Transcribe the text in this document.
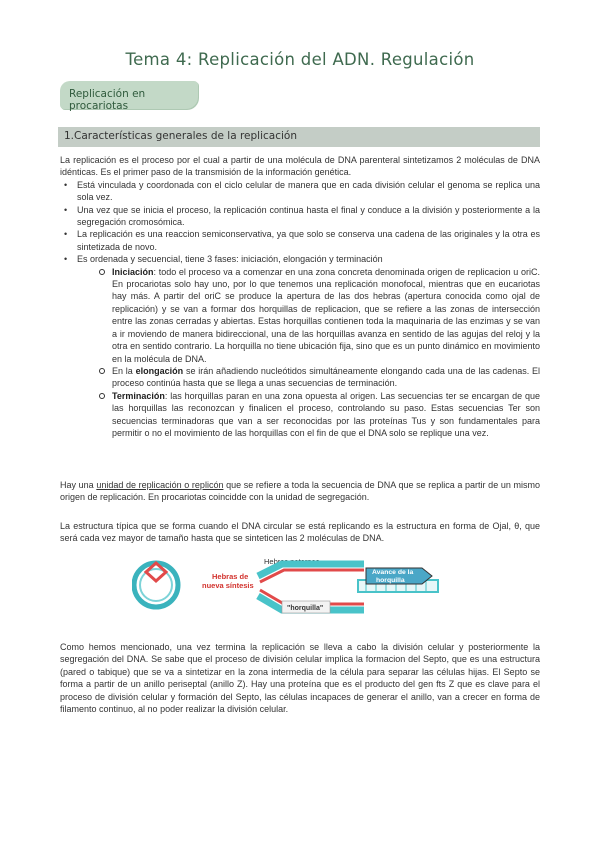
Tema 4: Replicación del ADN. Regulación
Replicación en procariotas
1.Características generales de la replicación
La replicación es el proceso por el cual a partir de una molécula de DNA parenteral sintetizamos 2 moléculas de DNA idénticas. Es el primer paso de la transmisión de la información genética.
• Está vinculada y coordonada con el ciclo celular de manera que en cada división celular el genoma se replica una sola vez.
• Una vez que se inicia el proceso, la replicación continua hasta el final y conduce a la división y posteriormente a la segregación cromosómica.
• La replicación es una reaccion semiconservativa, ya que solo se conserva una cadena de las originales y la otra es sintetizada de novo.
• Es ordenada y secuencial, tiene 3 fases: iniciación, elongación y terminación
Iniciación: todo el proceso va a comenzar en una zona concreta denominada origen de replicacion u oriC. En procariotas solo hay uno, por lo que tenemos una replicación monofocal, mientras que en eucariotas hay más. A partir del oriC se produce la apertura de las dos hebras (apertura conocida como ojal de replicación) y se van a formar dos horquillas de replicacion, que se refiere a las zonas de intersección entre las zonas cerradas y abiertas. Estas horquillas contienen toda la maquinaria de las enzimas y se van a ir moviendo de manera bidireccional, una de las horquillas avanza en sentido de las agujas del reloj y la otra en sentido contrario. La horquilla no tiene ubicación fija, sino que es un punto dinámico en movimiento en la molécula de DNA.
En la elongación se irán añadiendo nucleótidos simultáneamente elongando cada una de las cadenas. El proceso continúa hasta que se llega a unas secuencias de terminación.
Terminación: las horquillas paran en una zona opuesta al origen. Las secuencias ter se encargan de que las horquillas las reconozcan y finalicen el proceso, controlando su paso. Estas secuencias Ter son secuencias terminadoras que van a ser reconocidas por las proteínas Tus y son fundamentales para permitir o no el movimiento de las horquillas con el fin de que el DNA solo se replique una vez.
Hay una unidad de replicación o replicón que se refiere a toda la secuencia de DNA que se replica a partir de un mismo origen de replicación. En procariotas coincidde con la unidad de segregación.
La estructura típica que se forma cuando el DNA circular se está replicando es la estructura en forma de Ojal, θ, que será cada vez mayor de tamaño hasta que se sinteticen las 2 moléculas de DNA.
Hebras paternas
Hebras de nueva síntesis
Avance de la horquilla
"horquilla"
Como hemos mencionado, una vez termina la replicación se lleva a cabo la división celular y posteriormente la segregación del DNA. Se sabe que el proceso de división celular implica la formacion del Septo, que es una estructura (pared o tabique) que se va a sintetizar en la zona intermedia de la célula para separar las células hijas. El Septo se forma a partir de un anillo periseptal (anillo Z). Hay una proteína que es el producto del gen fts Z que es clave para el proceso de división celular y formación del Septo, las células incapaces de generar el anillo, van a crecer en forma de filamento continuo, al no poder realizar la división celular.
